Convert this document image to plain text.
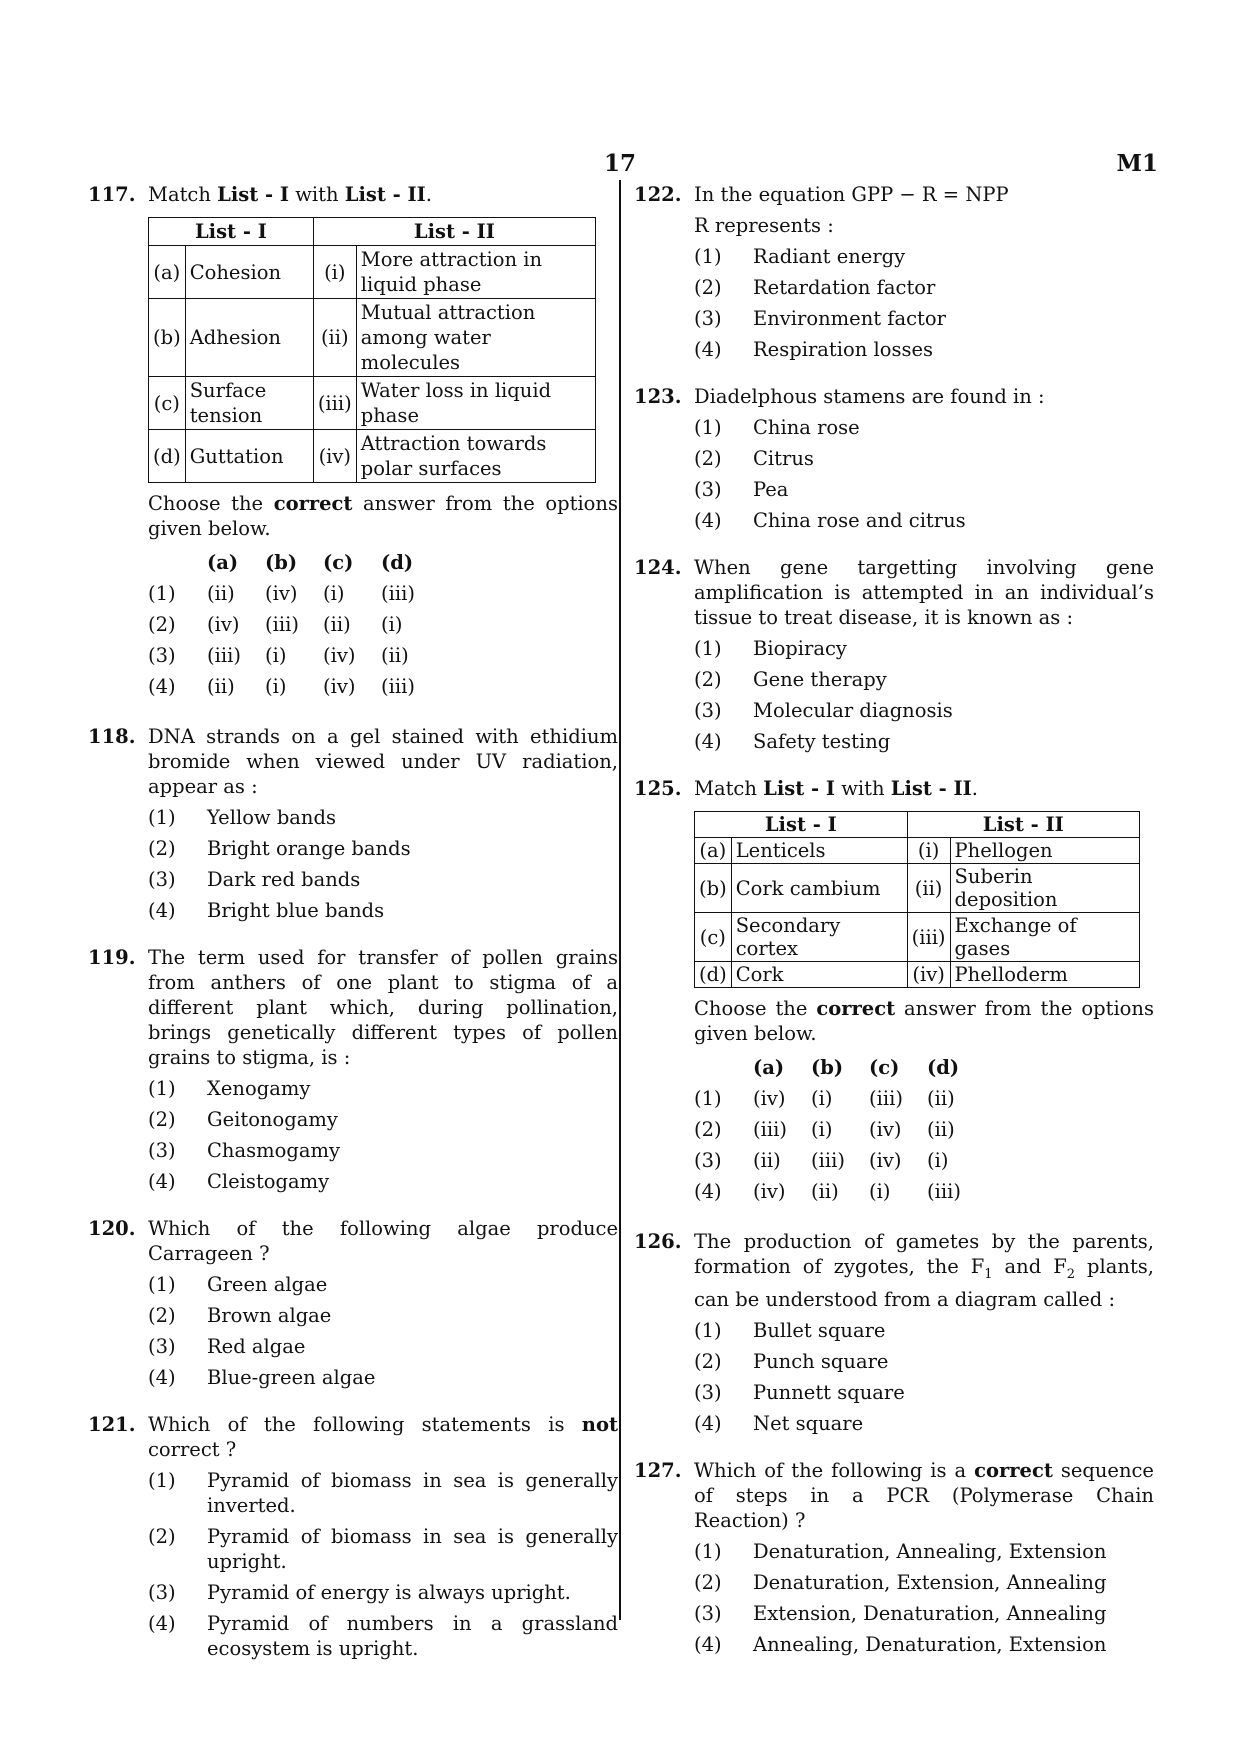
17	M1
117. Match List - I with List - II.
List - I		List - II	
(a)	Cohesion	(i)	More attraction in liquid phase
(b)	Adhesion	(ii)	Mutual attraction among water molecules
(c)	Surface tension	(iii)	Water loss in liquid phase
(d)	Guttation	(iv)	Attraction towards polar surfaces
Choose the correct answer from the options given below.
	(a)	(b)	(c)	(d)
(1)	(ii)	(iv)	(i)	(iii)
(2)	(iv)	(iii)	(ii)	(i)
(3)	(iii)	(i)	(iv)	(ii)
(4)	(ii)	(i)	(iv)	(iii)
118. DNA strands on a gel stained with ethidium bromide when viewed under UV radiation, appear as :
(1)	Yellow bands
(2)	Bright orange bands
(3)	Dark red bands
(4)	Bright blue bands
119. The term used for transfer of pollen grains from anthers of one plant to stigma of a different plant which, during pollination, brings genetically different types of pollen grains to stigma, is :
(1)	Xenogamy
(2)	Geitonogamy
(3)	Chasmogamy
(4)	Cleistogamy
120. Which of the following algae produce Carrageen ?
(1)	Green algae
(2)	Brown algae
(3)	Red algae
(4)	Blue-green algae
121. Which of the following statements is not correct ?
(1)	Pyramid of biomass in sea is generally inverted.
(2)	Pyramid of biomass in sea is generally upright.
(3)	Pyramid of energy is always upright.
(4)	Pyramid of numbers in a grassland ecosystem is upright.
122. In the equation GPP − R = NPP
R represents :
(1)	Radiant energy
(2)	Retardation factor
(3)	Environment factor
(4)	Respiration losses
123. Diadelphous stamens are found in :
(1)	China rose
(2)	Citrus
(3)	Pea
(4)	China rose and citrus
124. When gene targetting involving gene amplification is attempted in an individual’s tissue to treat disease, it is known as :
(1)	Biopiracy
(2)	Gene therapy
(3)	Molecular diagnosis
(4)	Safety testing
125. Match List - I with List - II.
List - I		List - II	
(a)	Lenticels	(i)	Phellogen
(b)	Cork cambium	(ii)	Suberin deposition
(c)	Secondary cortex	(iii)	Exchange of gases
(d)	Cork	(iv)	Phelloderm
Choose the correct answer from the options given below.
	(a)	(b)	(c)	(d)
(1)	(iv)	(i)	(iii)	(ii)
(2)	(iii)	(i)	(iv)	(ii)
(3)	(ii)	(iii)	(iv)	(i)
(4)	(iv)	(ii)	(i)	(iii)
126. The production of gametes by the parents, formation of zygotes, the $F_1$ and $F_2$ plants, can be understood from a diagram called :
(1)	Bullet square
(2)	Punch square
(3)	Punnett square
(4)	Net square
127. Which of the following is a correct sequence of steps in a PCR (Polymerase Chain Reaction) ?
(1)	Denaturation, Annealing, Extension
(2)	Denaturation, Extension, Annealing
(3)	Extension, Denaturation, Annealing
(4)	Annealing, Denaturation, Extension
